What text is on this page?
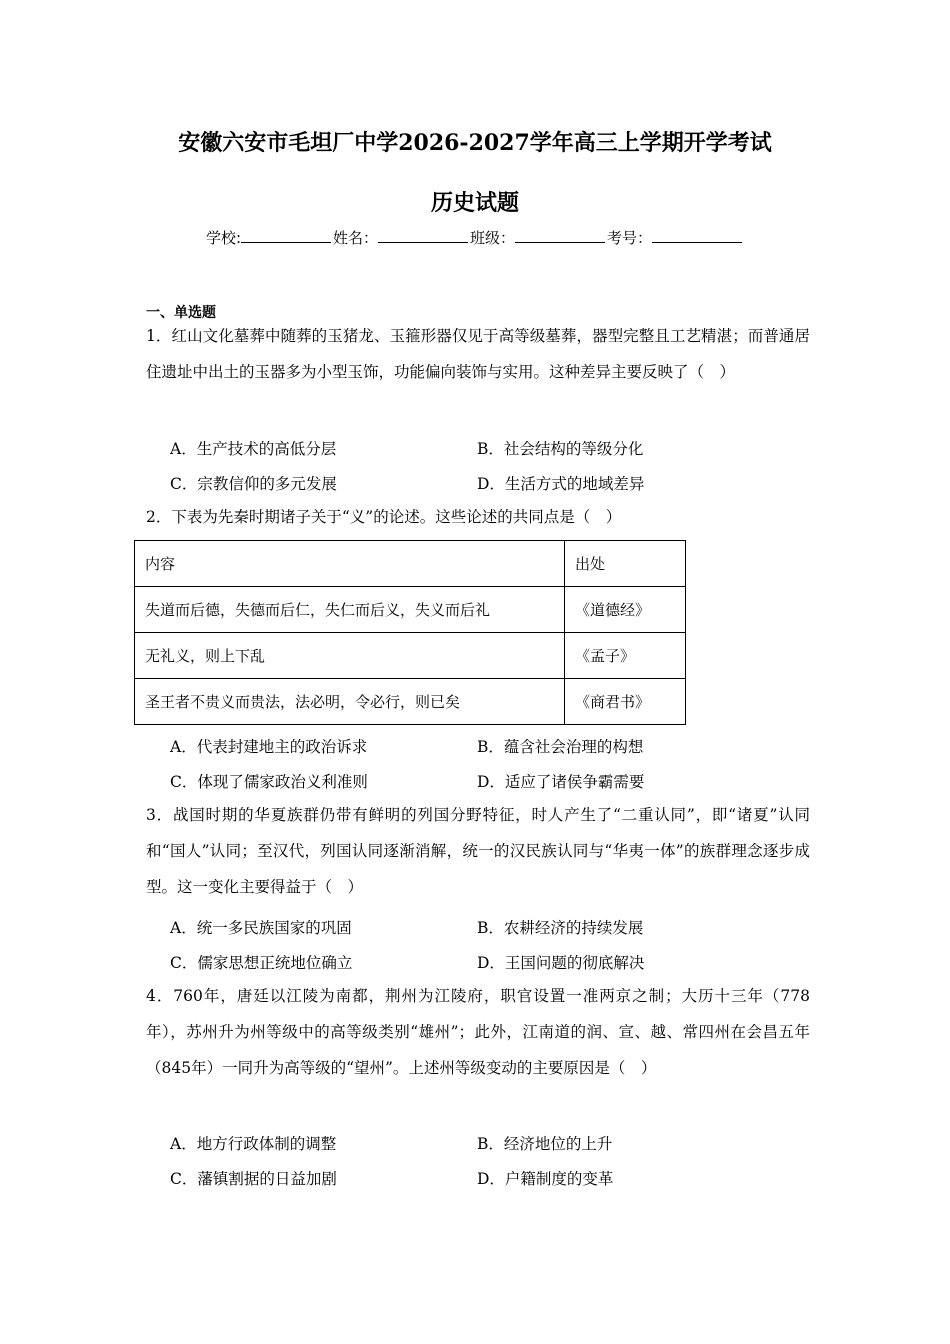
安徽六安市毛坦厂中学2026-2027学年高三上学期开学考试
历史试题
学校:	姓名：	班级：	考号：
一、单选题
1．红山文化墓葬中随葬的玉猪龙、玉箍形器仅见于高等级墓葬，器型完整且工艺精湛；而普通居住遗址中出土的玉器多为小型玉饰，功能偏向装饰与实用。这种差异主要反映了（　）
A．生产技术的高低分层	B．社会结构的等级分化
C．宗教信仰的多元发展	D．生活方式的地域差异
2．下表为先秦时期诸子关于“义”的论述。这些论述的共同点是（　）
内容	出处
失道而后德，失德而后仁，失仁而后义，失义而后礼	《道德经》
无礼义，则上下乱	《孟子》
圣王者不贵义而贵法，法必明，令必行，则已矣	《商君书》
A．代表封建地主的政治诉求	B．蕴含社会治理的构想
C．体现了儒家政治义利准则	D．适应了诸侯争霸需要
3．战国时期的华夏族群仍带有鲜明的列国分野特征，时人产生了“二重认同”，即“诸夏”认同和“国人”认同；至汉代，列国认同逐渐消解，统一的汉民族认同与“华夷一体”的族群理念逐步成型。这一变化主要得益于（　）
A．统一多民族国家的巩固	B．农耕经济的持续发展
C．儒家思想正统地位确立	D．王国问题的彻底解决
4．760年，唐廷以江陵为南都，荆州为江陵府，职官设置一准两京之制；大历十三年（778年），苏州升为州等级中的高等级类别“雄州”；此外，江南道的润、宣、越、常四州在会昌五年（845年）一同升为高等级的“望州”。上述州等级变动的主要原因是（　）
A．地方行政体制的调整	B．经济地位的上升
C．藩镇割据的日益加剧	D．户籍制度的变革
